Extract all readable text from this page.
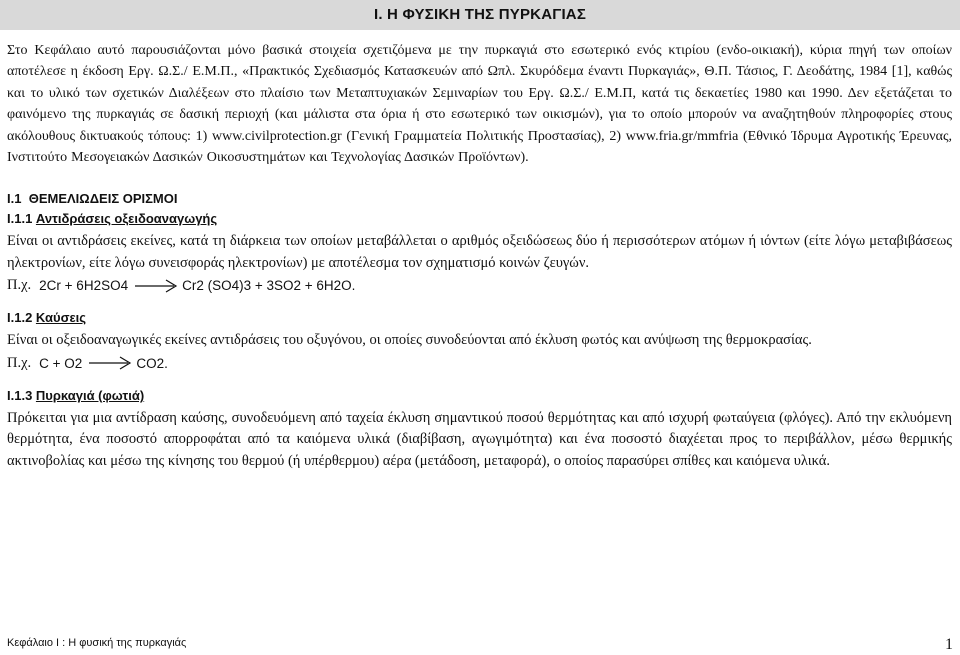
I. Η ΦΥΣΙΚΗ ΤΗΣ ΠΥΡΚΑΓΙΑΣ

Στο Κεφάλαιο αυτό παρουσιάζονται μόνο βασικά στοιχεία σχετιζόμενα με την πυρκαγιά στο εσωτερικό ενός κτιρίου (ενδο-οικιακή), κύρια πηγή των οποίων αποτέλεσε η έκδοση Εργ. Ω.Σ./ Ε.Μ.Π., «Πρακτικός Σχεδιασμός Κατασκευών από Ωπλ. Σκυρόδεμα έναντι Πυρκαγιάς», Θ.Π. Τάσιος, Γ. Δεοδάτης, 1984 [1], καθώς και το υλικό των σχετικών Διαλέξεων στο πλαίσιο των Μεταπτυχιακών Σεμιναρίων του Εργ. Ω.Σ./ Ε.Μ.Π, κατά τις δεκαετίες 1980 και 1990. Δεν εξετάζεται το φαινόμενο της πυρκαγιάς σε δασική περιοχή (και μάλιστα στα όρια ή στο εσωτερικό των οικισμών), για το οποίο μπορούν να αναζητηθούν πληροφορίες στους ακόλουθους δικτυακούς τόπους: 1) www.civilprotection.gr (Γενική Γραμματεία Πολιτικής Προστασίας), 2) www.fria.gr/mmfria (Εθνικό Ίδρυμα Αγροτικής Έρευνας, Ινστιτούτο Μεσογειακών Δασικών Οικοσυστημάτων και Τεχνολογίας Δασικών Προϊόντων).

I.1 ΘΕΜΕΛΙΩΔΕΙΣ ΟΡΙΣΜΟΙ
I.1.1 Αντιδράσεις οξειδοαναγωγής

Είναι οι αντιδράσεις εκείνες, κατά τη διάρκεια των οποίων μεταβάλλεται ο αριθμός οξειδώσεως δύο ή περισσότερων ατόμων ή ιόντων (είτε λόγω μεταβιβάσεως ηλεκτρονίων, είτε λόγω συνεισφοράς ηλεκτρονίων) με αποτέλεσμα τον σχηματισμό κοινών ζευγών.

Π.χ. 2Cr + 6H2SO4 → Cr2 (SO4)3 + 3SO2 + 6H2O.
I.1.2 Καύσεις

Είναι οι οξειδοαναγωγικές εκείνες αντιδράσεις του οξυγόνου, οι οποίες συνοδεύονται από έκλυση φωτός και ανύψωση της θερμοκρασίας.

Π.χ. C + O2 → CO2.
I.1.3 Πυρκαγιά (φωτιά)

Πρόκειται για μια αντίδραση καύσης, συνοδευόμενη από ταχεία έκλυση σημαντικού ποσού θερμότητας και από ισχυρή φωταύγεια (φλόγες). Από την εκλυόμενη θερμότητα, ένα ποσοστό απορροφάται από τα καιόμενα υλικά (διαβίβαση, αγωγιμότητα) και ένα ποσοστό διαχέεται προς το περιβάλλον, μέσω θερμικής ακτινοβολίας και μέσω της κίνησης του θερμού (ή υπέρθερμου) αέρα (μετάδοση, μεταφορά), ο οποίος παρασύρει σπίθες και καιόμενα υλικά.

Κεφάλαιο I : Η φυσική της πυρκαγιάς	1
